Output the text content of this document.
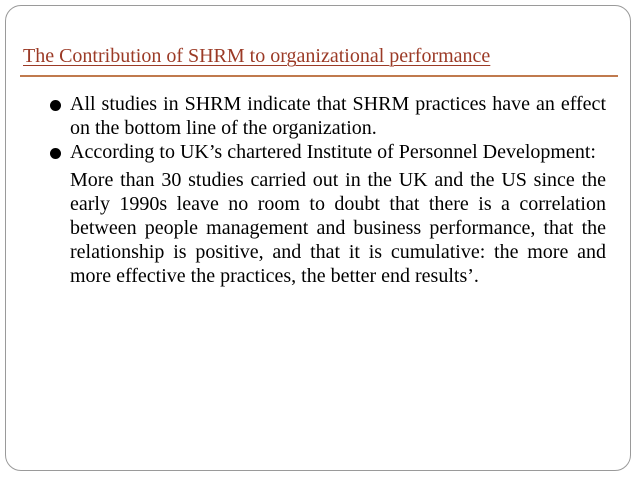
The Contribution of SHRM to organizational performance
All studies in SHRM indicate that SHRM practices have an effect on the bottom line of the organization.
According to UK’s chartered Institute of Personnel Development:
More than 30 studies carried out in the UK and the US since the early 1990s leave no room to doubt that there is a correlation between people management and business performance, that the relationship is positive, and that it is cumulative: the more and more effective the practices, the better end results’.
